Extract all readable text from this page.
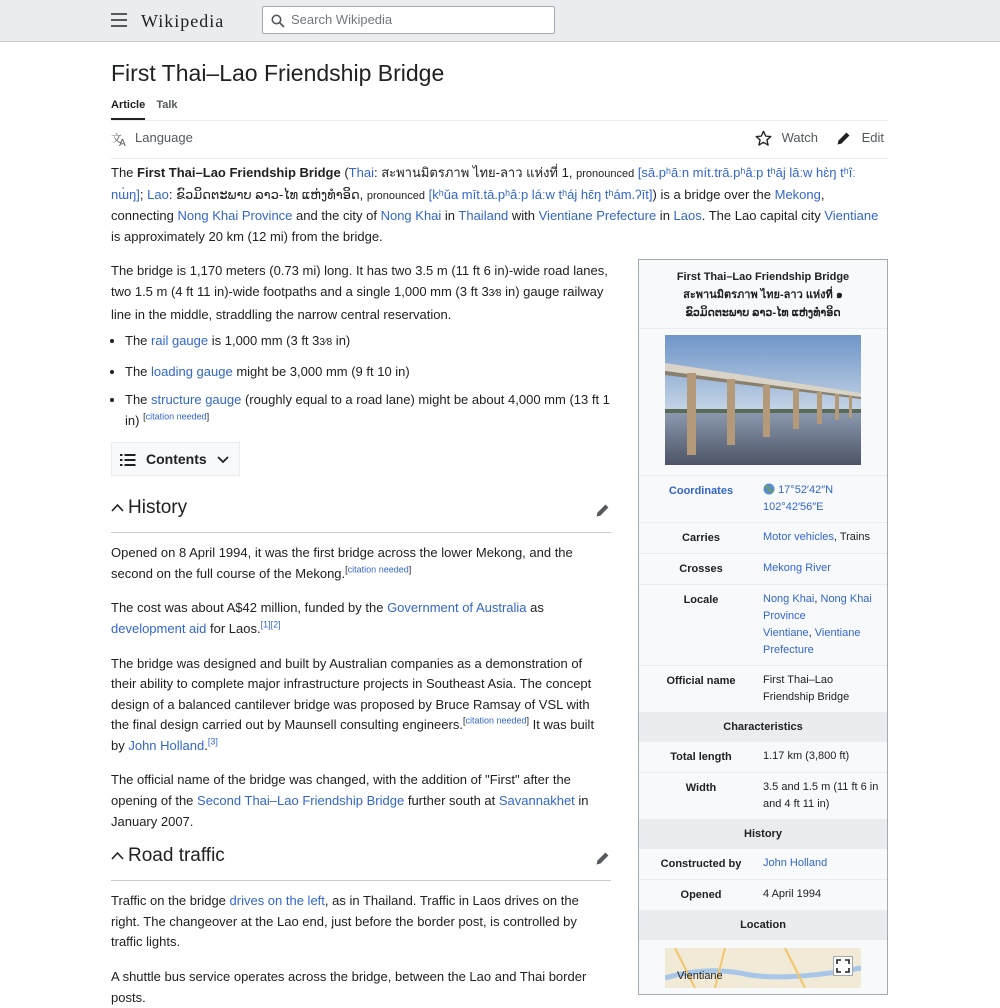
Wikipedia
Search Wikipedia
First Thai–Lao Friendship Bridge
Article Talk
文
A Language	Watch	Edit

The First Thai–Lao Friendship Bridge (Thai: สะพานมิตรภาพ ไทย-ลาว แห่งที่ 1, pronounced [sā.pʰāːn mít.trā.pʰâːp tʰāj lāːw hɛ̀ŋ tʰîː nɯ̀ŋ]; Lao: ຂົວມິດຕະພາບ ລາວ-ໄທ ແຫ່ງທໍາອິດ, pronounced [kʰǔa mīt.tā.pʰâːp láːw tʰáj hɛ̄ŋ tʰám.ʔīt]) is a bridge over the Mekong, connecting Nong Khai Province and the city of Nong Khai in Thailand with Vientiane Prefecture in Laos. The Lao capital city Vientiane is approximately 20 km (12 mi) from the bridge.

The bridge is 1,170 meters (0.73 mi) long. It has two 3.5 m (11 ft 6 in)-wide road lanes, two 1.5 m (4 ft 11 in)-wide footpaths and a single 1,000 mm (3 ft 33⁄8 in) gauge railway line in the middle, straddling the narrow central reservation.

• The rail gauge is 1,000 mm (3 ft 33⁄8 in)
• The loading gauge might be 3,000 mm (9 ft 10 in)
• The structure gauge (roughly equal to a road lane) might be about 4,000 mm (13 ft 1 in) [citation needed]
Contents
History

Opened on 8 April 1994, it was the first bridge across the lower Mekong, and the second on the full course of the Mekong.[citation needed]

The cost was about A$42 million, funded by the Government of Australia as development aid for Laos.[1][2]

The bridge was designed and built by Australian companies as a demonstration of their ability to complete major infrastructure projects in Southeast Asia. The concept design of a balanced cantilever bridge was proposed by Bruce Ramsay of VSL with the final design carried out by Maunsell consulting engineers.[citation needed] It was built by John Holland.[3]

The official name of the bridge was changed, with the addition of "First" after the opening of the Second Thai–Lao Friendship Bridge further south at Savannakhet in January 2007.

Road traffic

Traffic on the bridge drives on the left, as in Thailand. Traffic in Laos drives on the right. The changeover at the Lao end, just before the border post, is controlled by traffic lights.

A shuttle bus service operates across the bridge, between the Lao and Thai border posts.

First Thai–Lao Friendship Bridge
สะพานมิตรภาพ ไทย-ลาว แห่งที่ ๑
ຂົວມິດຕະພາບ ລາວ-ໄທ ແຫ່ງທໍາອິດ
Coordinates	17°52′42″N 102°42′56″E
Carries	Motor vehicles, Trains
Crosses	Mekong River
Locale	Nong Khai, Nong Khai Province
Vientiane, Vientiane Prefecture
Official name	First Thai–Lao Friendship Bridge
Characteristics
Total length	1.17 km (3,800 ft)
Width	3.5 and 1.5 m (11 ft 6 in and 4 ft 11 in)
History
Constructed by	John Holland
Opened	4 April 1994
Location
Vientiane
